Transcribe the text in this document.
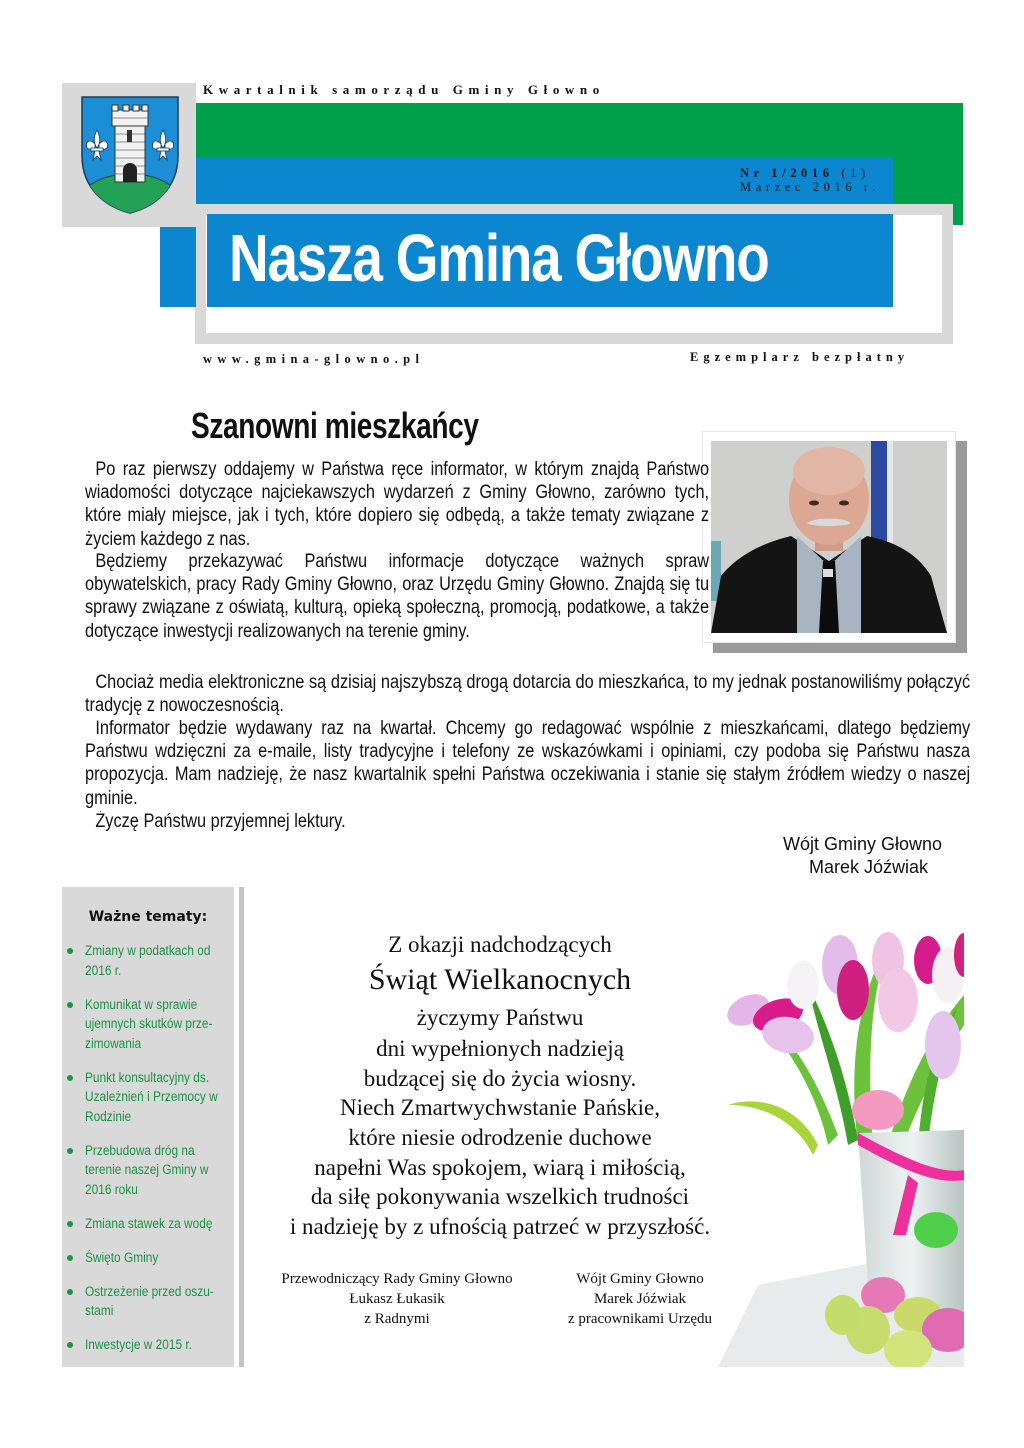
Nasza Gmina Głowno
Kwartalnik samorządu Gminy Głowno
Nr 1/2016 (1)
Marzec 2016 r.
www.gmina-glowno.pl	Egzemplarz bezpłatny
Szanowni mieszkańcy
Po raz pierwszy oddajemy w Państwa ręce informator, w którym znajdą Państwo wiadomości dotyczące najciekawszych wydarzeń z Gminy Głowno, zarówno tych, które miały miejsce, jak i tych, które dopiero się odbędą, a także tematy związane z życiem każdego z nas.
Będziemy przekazywać Państwu informacje dotyczące ważnych spraw obywatelskich, pracy Rady Gminy Głowno, oraz Urzędu Gminy Głowno. Znajdą się tu sprawy związane z oświatą, kulturą, opieką społeczną, promocją, podatkowe, a także dotyczące inwestycji realizowanych na terenie gminy.
Chociaż media elektroniczne są dzisiaj najszybszą drogą dotarcia do mieszkańca, to my jednak postanowiliśmy połączyć tradycję z nowoczesnością.
Informator będzie wydawany raz na kwartał. Chcemy go redagować wspólnie z mieszkańcami, dlatego będziemy Państwu wdzięczni za e-maile, listy tradycyjne i telefony ze wskazówkami i opiniami, czy podoba się Państwu nasza propozycja. Mam nadzieję, że nasz kwartalnik spełni Państwa oczekiwania i stanie się stałym źródłem wiedzy o naszej gminie.
Życzę Państwu przyjemnej lektury.
Wójt Gminy Głowno
Marek Jóźwiak
Ważne tematy:
Zmiany w podatkach od 2016 r.
Komunikat w sprawie ujemnych skutków prze-zimowania
Punkt konsultacyjny ds. Uzależnień i Przemocy w Rodzinie
Przebudowa dróg na terenie naszej Gminy w 2016 roku
Zmiana stawek za wodę
Święto Gminy
Ostrzeżenie przed oszu-stami
Inwestycje w 2015 r.
Z okazji nadchodzących
Świąt Wielkanocnych
życzymy Państwu
dni wypełnionych nadzieją
budzącej się do życia wiosny.
Niech Zmartwychwstanie Pańskie,
które niesie odrodzenie duchowe
napełni Was spokojem, wiarą i miłością,
da siłę pokonywania wszelkich trudności
i nadzieję by z ufnością patrzeć w przyszłość.
Przewodniczący Rady Gminy Głowno
Łukasz Łukasik
z Radnymi
Wójt Gminy Głowno
Marek Jóźwiak
z pracownikami Urzędu
